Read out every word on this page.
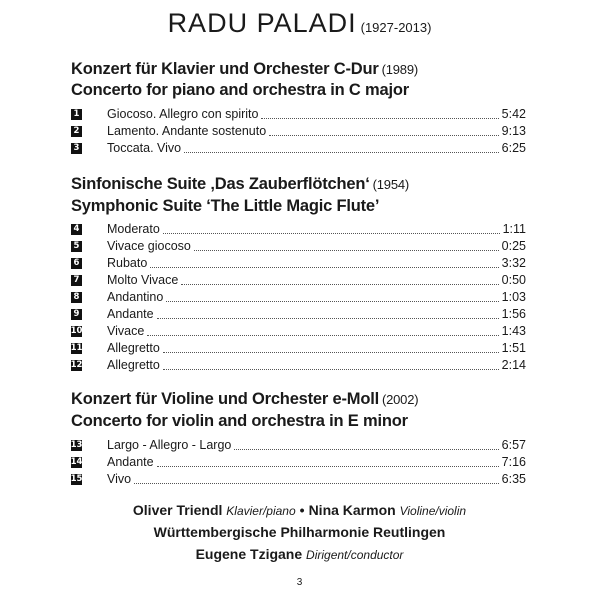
RADU PALADI (1927-2013)
Konzert für Klavier und Orchester C-Dur (1989)
Concerto for piano and orchestra in C major
1 Giocoso. Allegro con spirito	5:42
2 Lamento. Andante sostenuto	9:13
3 Toccata. Vivo	6:25
Sinfonische Suite ‚Das Zauberflötchen‘ (1954)
Symphonic Suite ‘The Little Magic Flute’
4 Moderato	1:11
5 Vivace giocoso	0:25
6 Rubato	3:32
7 Molto Vivace	0:50
8 Andantino	1:03
9 Andante	1:56
10 Vivace	1:43
11 Allegretto	1:51
12 Allegretto	2:14
Konzert für Violine und Orchester e-Moll (2002)
Concerto for violin and orchestra in E minor
13 Largo - Allegro - Largo	6:57
14 Andante	7:16
15 Vivo	6:35
Oliver Triendl Klavier/piano • Nina Karmon Violine/violin
Württembergische Philharmonie Reutlingen
Eugene Tzigane Dirigent/conductor
3
